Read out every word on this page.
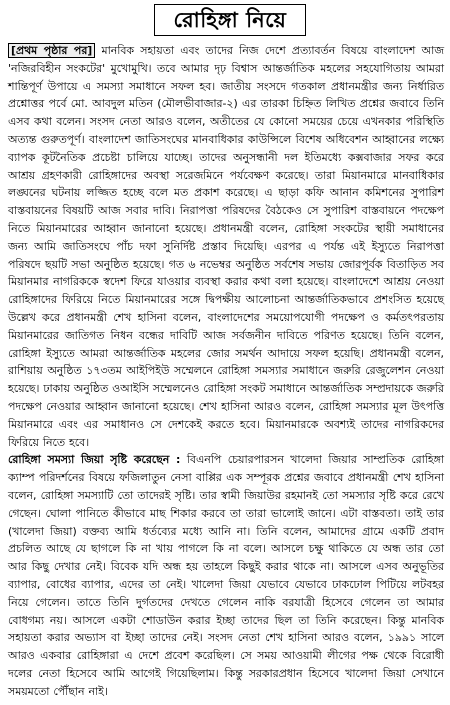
রোহিঙ্গা নিয়ে

[প্রথম পৃষ্ঠার পর] মানবিক সহায়তা এবং তাদের নিজ দেশে প্রত্যাবর্তন বিষয়ে বাংলাদেশ আজ 'নজিরবিহীন সংকটের' মুখোমুখি। তবে আমার দৃঢ় বিশ্বাস আন্তর্জাতিক মহলের সহযোগিতায় আমরা শান্তিপূর্ণ উপায়ে এ সমস্যা সমাধানে সফল হব। জাতীয় সংসদে গতকাল প্রধানমন্ত্রীর জন্য নির্ধারিত প্রশ্নোত্তর পর্বে মো. আবদুল মতিন (মৌলভীবাজার-২) এর তারকা চিহ্নিত লিখিত প্রশ্নের জবাবে তিনি এসব কথা বলেন। সংসদ নেতা আরও বলেন, অতীতের যে কোনো সময়ের চেয়ে এখনকার পরিস্থিতি অত্যন্ত গুরুতপূর্ণ। বাংলাদেশ জাতিসংঘের মানবাধিকার কাউন্সিলে বিশেষ অধিবেশন আহ্বানের লক্ষ্যে ব্যাপক কূটনৈতিক প্রচেষ্টা চালিয়ে যাচ্ছে। তাদের অনুসন্ধানী দল ইতিমধ্যে কক্সবাজার সফর করে আশ্রয় গ্রহণকারী রোহিঙ্গাদের অবস্থা সরেজমিনে পর্যবেক্ষণ করেছে। তারা মিয়ানমারে মানবাধিকার লঙ্ঘনের ঘটনায় লজ্জিত হচ্ছে বলে মত প্রকাশ করেছে। এ ছাড়া কফি আনান কমিশনের সুপারিশ বাস্তবায়নের বিষয়টি আজ সবার দাবি। নিরাপত্তা পরিষদের বৈঠকেও সে সুপারিশ বাস্তবায়নে পদক্ষেপ নিতে মিয়ানমারের আহ্বান জানানো হয়েছে। প্রধানমন্ত্রী বলেন, রোহিঙ্গা সংকটের স্থায়ী সমাধানের জন্য আমি জাতিসংঘে পাঁচ দফা সুনির্দিষ্ট প্রস্তাব দিয়েছি। এরপর এ পর্যন্ত এই ইস্যুতে নিরাপত্তা পরিষদে ছয়টি সভা অনুষ্ঠিত হয়েছে। গত ৬ নভেম্বর অনুষ্ঠিত সর্বশেষ সভায় জোরপূর্বক বিতাড়িত সব মিয়ানমার নাগরিককে স্বদেশ ফিরে যাওয়ার ব্যবস্থা করার কথা বলা হয়েছে। বাংলাদেশে আশ্রয় নেওয়া রোহিঙ্গাদের ফিরিয়ে নিতে মিয়ানমারের সঙ্গে দ্বিপক্ষীয় আলোচনা আন্তর্জাতিকভাবে প্রশংসিত হয়েছে উল্লেখ করে প্রধানমন্ত্রী শেখ হাসিনা বলেন, বাংলাদেশের সময়োপযোগী পদক্ষেপ ও কর্মতৎপরতায় মিয়ানমারের জাতিগত নিধন বন্ধের দাবিটি আজ সর্বজনীন দাবিতে পরিণত হয়েছে। তিনি বলেন, রোহিঙ্গা ইস্যুতে আমরা আন্তর্জাতিক মহলের জোর সমর্থন আদায়ে সফল হয়েছি। প্রধানমন্ত্রী বলেন, রাশিয়ায় অনুষ্ঠিত ১৭৩তম আইপিইউ সম্মেলনে রোহিঙ্গা সমস্যার সমাধানে জরুরি রেজুলেশন নেওয়া হয়েছে। ঢাকায় অনুষ্ঠিত ওআইসি সম্মেলনেও রোহিঙ্গা সংকট সমাধানে আন্তর্জাতিক সম্প্রদায়কে জরুরি পদক্ষেপ নেওয়ার আহ্বান জানানো হয়েছে। শেখ হাসিনা আরও বলেন, রোহিঙ্গা সমস্যার মূল উৎপত্তি মিয়ানমারে এবং এর সমাধানও সে দেশকেই করতে হবে। মিয়ানমারকে অবশ্যই তাদের নাগরিকদের ফিরিয়ে নিতে হবে।

রোহিঙ্গা সমস্যা জিয়া সৃষ্টি করেছেন : বিএনপি চেয়ারপারসন খালেদা জিয়ার সাম্প্রতিক রোহিঙ্গা ক্যাম্প পরিদর্শনের বিষয়ে ফজিলাতুন নেসা বাপ্পির এক সম্পূরক প্রশ্নের জবাবে প্রধানমন্ত্রী শেখ হাসিনা বলেন, রোহিঙ্গা সমস্যাটি তো তাদেরই সৃষ্টি। তার স্বামী জিয়াউর রহমানই তো সমস্যার সৃষ্টি করে রেখে গেছেন। ঘোলা পানিতে কীভাবে মাছ শিকার করবে তা তারা ভালোই জানে। এটা বাস্তবতা। তাই তার (খালেদা জিয়া) বক্তব্য আমি ধর্তব্যের মধ্যে আনি না। তিনি বলেন, আমাদের গ্রামে একটি প্রবাদ প্রচলিত আছে যে ছাগলে কি না খায় পাগলে কি না বলে। আসলে চক্ষু থাকিতে যে অন্ধ তার তো আর কিছু দেখার নেই। বিবেক যদি অন্ধ হয় তাহলে কিছুই করার থাকে না। আসলে এসব অনুভূতির ব্যাপার, বোধের ব্যাপার, এদের তা নেই। খালেদা জিয়া যেভাবে যেভাবে ঢাকঢোল পিটিয়ে লটবহর নিয়ে গেলেন। তাতে তিনি দুর্গতদের দেখতে গেলেন নাকি বরযাত্রী হিসেবে গেলেন তা আমার বোধগম্য নয়। আসলে একটা শোডাউন করার ইচ্ছা তাদের ছিল তা তিনি করেছেন। কিন্তু মানবিক সহায়তা করার অভ্যাস বা ইচ্ছা তাদের নেই। সংসদ নেতা শেখ হাসিনা আরও বলেন, ১৯৯১ সালে আরও একবার রোহিঙ্গারা এ দেশে প্রবেশ করেছিল। সে সময় আওয়ামী লীগের পক্ষ থেকে বিরোধী দলের নেতা হিসেবে আমি আগেই গিয়েছিলাম। কিন্তু সরকারপ্রধান হিসেবে খালেদা জিয়া সেখানে সময়মতো পৌঁছান নাই।
